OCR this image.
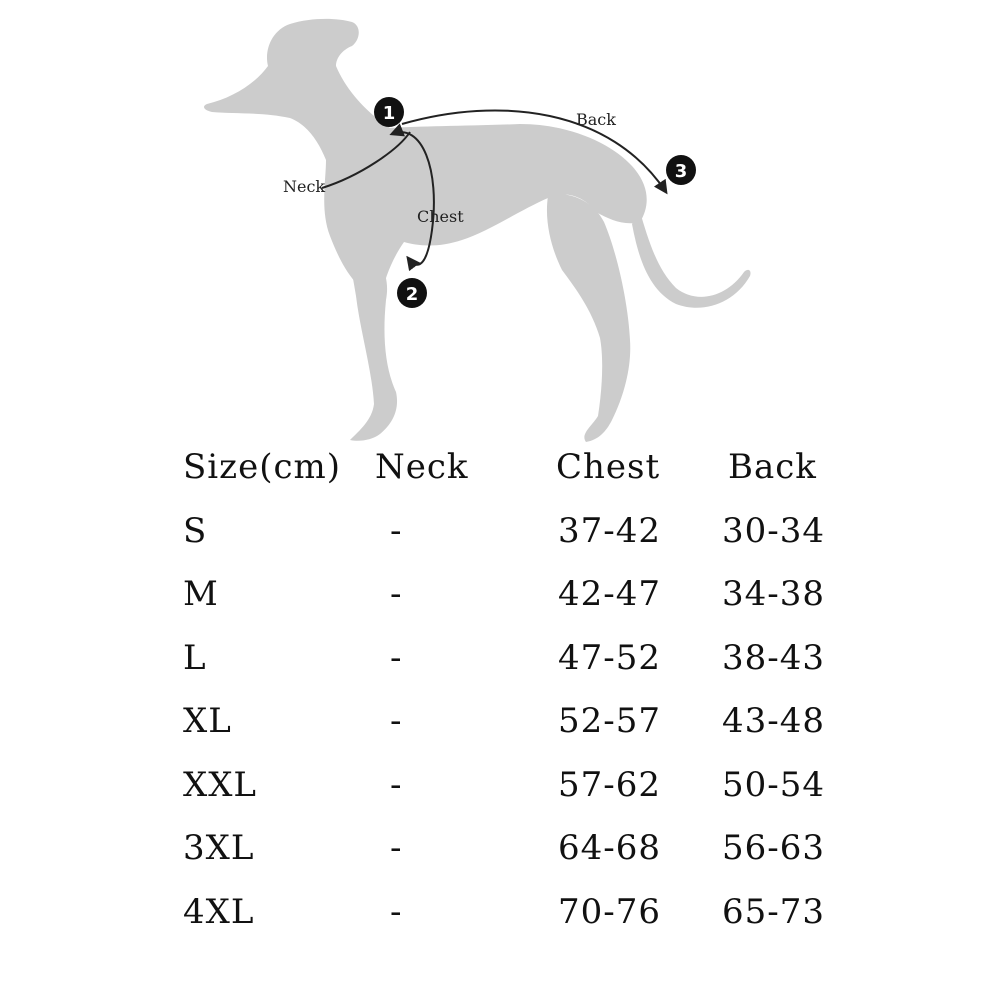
Neck
Chest
Back
1
2
3
Size(cm) Neck	Chest Back
S	-	37-42 30-34
M	-	42-47 34-38
L	-	47-52 38-43
XL	-	52-57 43-48
XXL	-	57-62 50-54
3XL	-	64-68 56-63
4XL	-	70-76 65-73
